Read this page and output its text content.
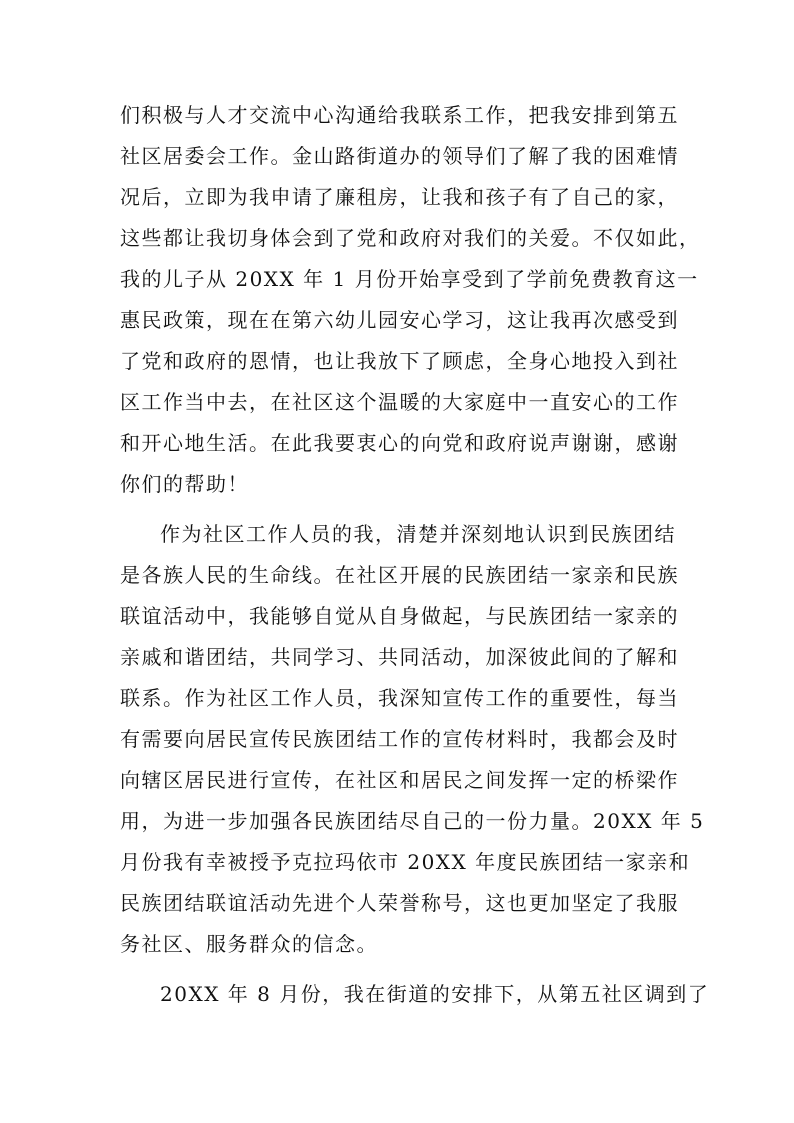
们积极与人才交流中心沟通给我联系工作，把我安排到第五
社区居委会工作。金山路街道办的领导们了解了我的困难情
况后，立即为我申请了廉租房，让我和孩子有了自己的家，
这些都让我切身体会到了党和政府对我们的关爱。不仅如此，
我的儿子从 20XX 年 1 月份开始享受到了学前免费教育这一
惠民政策，现在在第六幼儿园安心学习，这让我再次感受到
了党和政府的恩情，也让我放下了顾虑，全身心地投入到社
区工作当中去，在社区这个温暖的大家庭中一直安心的工作
和开心地生活。在此我要衷心的向党和政府说声谢谢，感谢
你们的帮助！
作为社区工作人员的我，清楚并深刻地认识到民族团结
是各族人民的生命线。在社区开展的民族团结一家亲和民族
联谊活动中，我能够自觉从自身做起，与民族团结一家亲的
亲戚和谐团结，共同学习、共同活动，加深彼此间的了解和
联系。作为社区工作人员，我深知宣传工作的重要性，每当
有需要向居民宣传民族团结工作的宣传材料时，我都会及时
向辖区居民进行宣传，在社区和居民之间发挥一定的桥梁作
用，为进一步加强各民族团结尽自己的一份力量。20XX 年 5
月份我有幸被授予克拉玛依市 20XX 年度民族团结一家亲和
民族团结联谊活动先进个人荣誉称号，这也更加坚定了我服
务社区、服务群众的信念。
20XX 年 8 月份，我在街道的安排下，从第五社区调到了
